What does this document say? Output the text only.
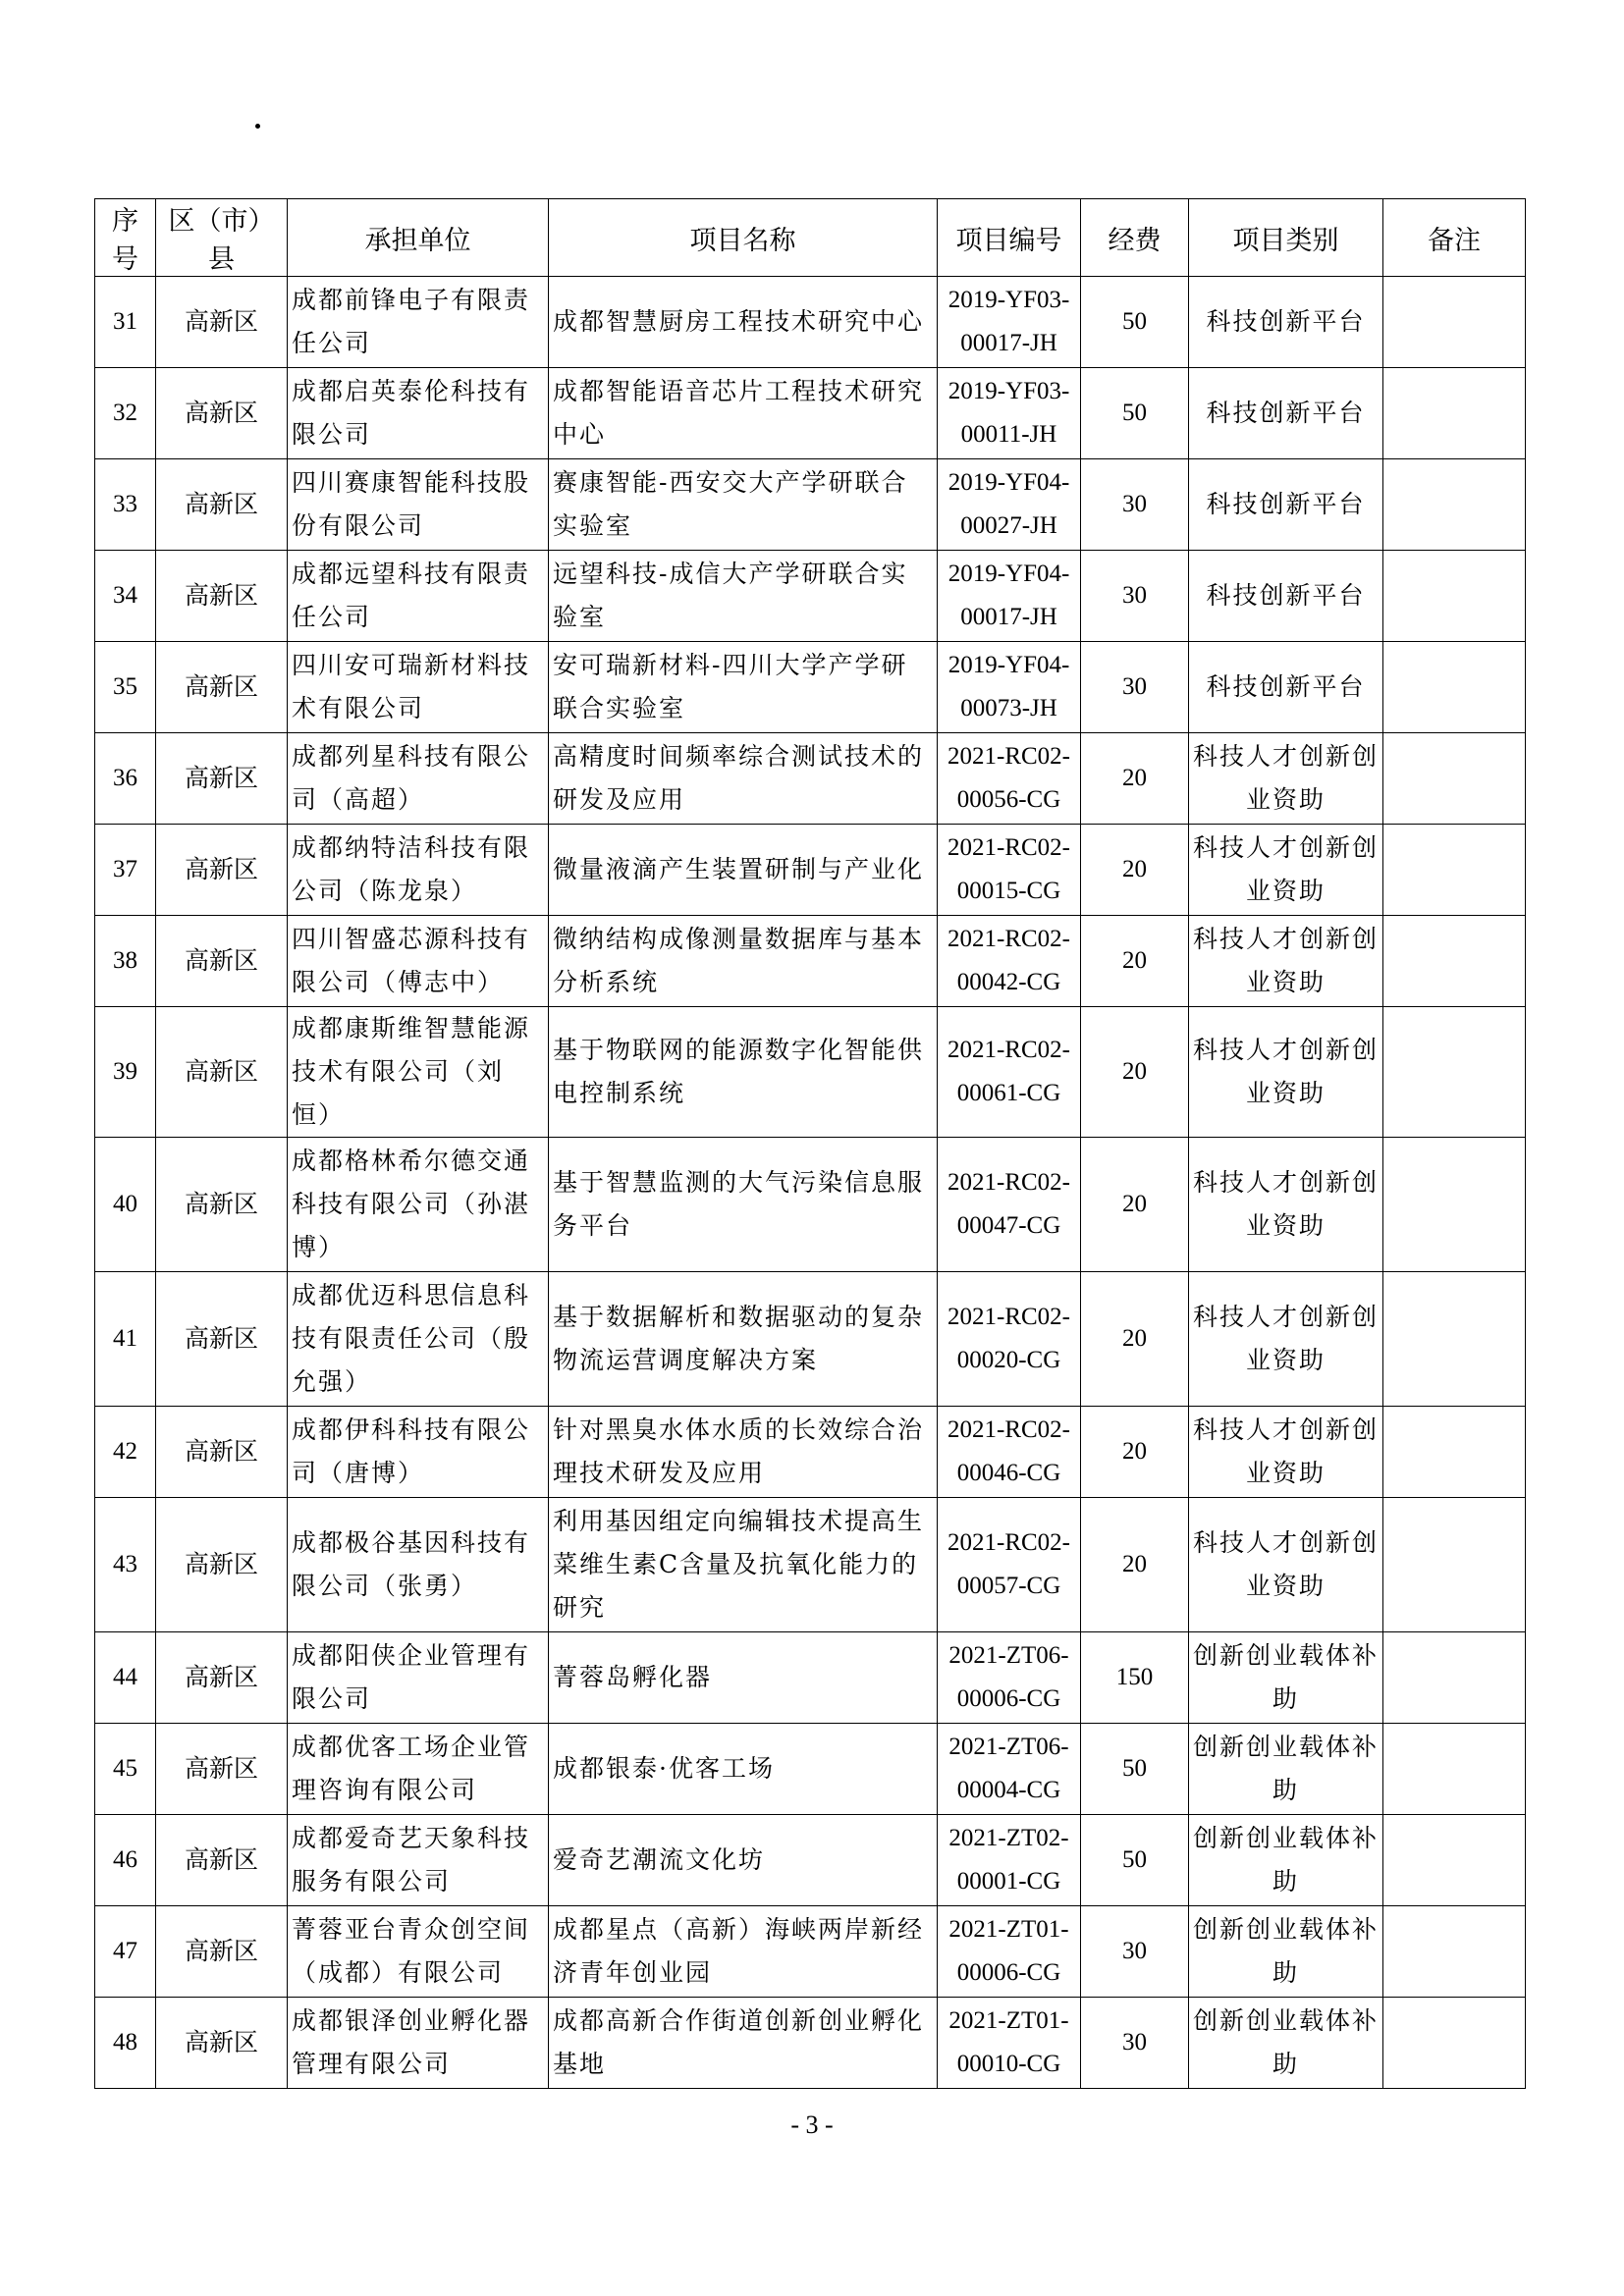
序号	区（市）县	承担单位	项目名称	项目编号	经费	项目类别	备注
31	高新区	成都前锋电子有限责任公司	成都智慧厨房工程技术研究中心	2019-YF03-00017-JH	50	科技创新平台	
32	高新区	成都启英泰伦科技有限公司	成都智能语音芯片工程技术研究中心	2019-YF03-00011-JH	50	科技创新平台	
33	高新区	四川赛康智能科技股份有限公司	赛康智能-西安交大产学研联合实验室	2019-YF04-00027-JH	30	科技创新平台	
34	高新区	成都远望科技有限责任公司	远望科技-成信大产学研联合实验室	2019-YF04-00017-JH	30	科技创新平台	
35	高新区	四川安可瑞新材料技术有限公司	安可瑞新材料-四川大学产学研联合实验室	2019-YF04-00073-JH	30	科技创新平台	
36	高新区	成都列星科技有限公司（高超）	高精度时间频率综合测试技术的研发及应用	2021-RC02-00056-CG	20	科技人才创新创业资助	
37	高新区	成都纳特洁科技有限公司（陈龙泉）	微量液滴产生装置研制与产业化	2021-RC02-00015-CG	20	科技人才创新创业资助	
38	高新区	四川智盛芯源科技有限公司（傅志中）	微纳结构成像测量数据库与基本分析系统	2021-RC02-00042-CG	20	科技人才创新创业资助	
39	高新区	成都康斯维智慧能源技术有限公司（刘恒）	基于物联网的能源数字化智能供电控制系统	2021-RC02-00061-CG	20	科技人才创新创业资助	
40	高新区	成都格林希尔德交通科技有限公司（孙湛博）	基于智慧监测的大气污染信息服务平台	2021-RC02-00047-CG	20	科技人才创新创业资助	
41	高新区	成都优迈科思信息科技有限责任公司（殷允强）	基于数据解析和数据驱动的复杂物流运营调度解决方案	2021-RC02-00020-CG	20	科技人才创新创业资助	
42	高新区	成都伊科科技有限公司（唐博）	针对黑臭水体水质的长效综合治理技术研发及应用	2021-RC02-00046-CG	20	科技人才创新创业资助	
43	高新区	成都极谷基因科技有限公司（张勇）	利用基因组定向编辑技术提高生菜维生素C含量及抗氧化能力的研究	2021-RC02-00057-CG	20	科技人才创新创业资助	
44	高新区	成都阳侠企业管理有限公司	菁蓉岛孵化器	2021-ZT06-00006-CG	150	创新创业载体补助	
45	高新区	成都优客工场企业管理咨询有限公司	成都银泰·优客工场	2021-ZT06-00004-CG	50	创新创业载体补助	
46	高新区	成都爱奇艺天象科技服务有限公司	爱奇艺潮流文化坊	2021-ZT02-00001-CG	50	创新创业载体补助	
47	高新区	菁蓉亚台青众创空间（成都）有限公司	成都星点（高新）海峡两岸新经济青年创业园	2021-ZT01-00006-CG	30	创新创业载体补助	
48	高新区	成都银泽创业孵化器管理有限公司	成都高新合作街道创新创业孵化基地	2021-ZT01-00010-CG	30	创新创业载体补助	
- 3 -
